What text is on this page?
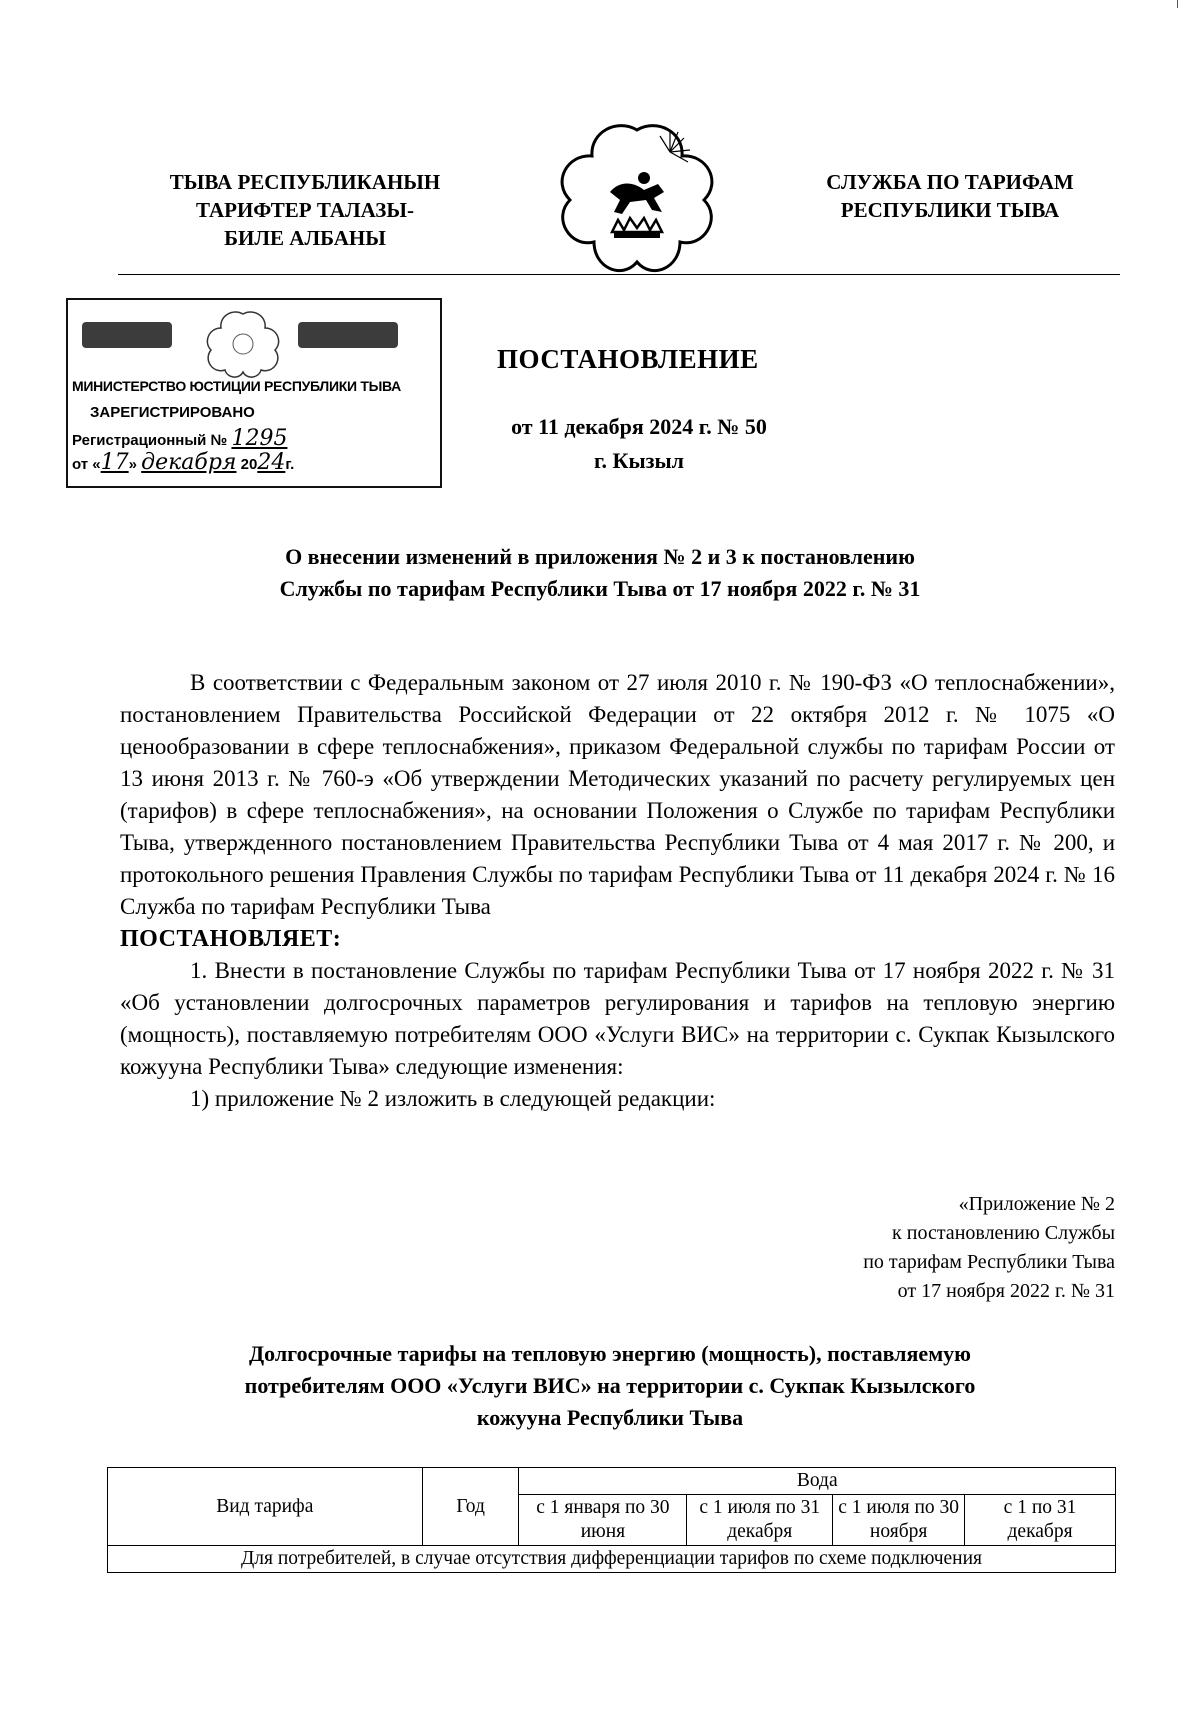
ТЫВА РЕСПУБЛИКАНЫН
ТАРИФТЕР ТАЛАЗЫ-
БИЛЕ АЛБАНЫ
СЛУЖБА ПО ТАРИФАМ
РЕСПУБЛИКИ ТЫВА
МИНИСТЕРСТВО ЮСТИЦИИ РЕСПУБЛИКИ ТЫВА
ЗАРЕГИСТРИРОВАНО
Регистрационный № 1295
от «17» декабря 2024г.
ПОСТАНОВЛЕНИЕ
от 11 декабря 2024 г. № 50
г. Кызыл
О внесении изменений в приложения № 2 и 3 к постановлению
Службы по тарифам Республики Тыва от 17 ноября 2022 г. № 31

В соответствии с Федеральным законом от 27 июля 2010 г. № 190-ФЗ «О теплоснабжении», постановлением Правительства Российской Федерации от 22 октября 2012 г. № 1075 «О ценообразовании в сфере теплоснабжения», приказом Федеральной службы по тарифам России от 13 июня 2013 г. № 760-э «Об утверждении Методических указаний по расчету регулируемых цен (тарифов) в сфере теплоснабжения», на основании Положения о Службе по тарифам Республики Тыва, утвержденного постановлением Правительства Республики Тыва от 4 мая 2017 г. № 200, и протокольного решения Правления Службы по тарифам Республики Тыва от 11 декабря 2024 г. № 16 Служба по тарифам Республики Тыва

ПОСТАНОВЛЯЕТ:

1. Внести в постановление Службы по тарифам Республики Тыва от 17 ноября 2022 г. № 31 «Об установлении долгосрочных параметров регулирования и тарифов на тепловую энергию (мощность), поставляемую потребителям ООО «Услуги ВИС» на территории с. Сукпак Кызылского кожууна Республики Тыва» следующие изменения:

1) приложение № 2 изложить в следующей редакции:

«Приложение № 2
к постановлению Службы
по тарифам Республики Тыва
от 17 ноября 2022 г. № 31
Долгосрочные тарифы на тепловую энергию (мощность), поставляемую
потребителям ООО «Услуги ВИС» на территории с. Сукпак Кызылского
кожууна Республики Тыва
Вид тарифа	Год	Вода			
		с 1 января по 30 июня	с 1 июля по 31 декабря	с 1 июля по 30 ноября	с 1 по 31 декабря
Для потребителей, в случае отсутствия дифференциации тарифов по схеме подключения					
